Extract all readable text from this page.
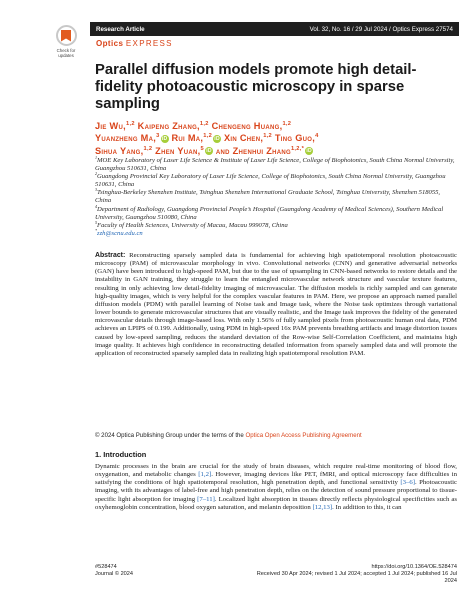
Check for
updates
Research Article	Vol. 32, No. 16 / 29 Jul 2024 / Optics Express 27574
Optics EXPRESS
Parallel diffusion models promote high detail-fidelity photoacoustic microscopy in sparse sampling
Jie Wu,$^{1,2}$ Kaipeng Zhang,$^{1,2}$ Chengeng Huang,$^{1,2}$
Yuanzheng Ma,$^3$ iD Rui Ma,$^{1,2}$ iD Xin Chen,$^{1,2}$ Ting Guo,$^4$
Sihua Yang,$^{1,2}$ Zhen Yuan,$^5$ iD and Zhenhui Zhang$^{1,2,*}$ iD
$^1$MOE Key Laboratory of Laser Life Science & Institute of Laser Life Science, College of Biophotonics, South China Normal University, Guangzhou 510631, China
$^2$Guangdong Provincial Key Laboratory of Laser Life Science, College of Biophotonics, South China Normal University, Guangzhou 510631, China
$^3$Tsinghua-Berkeley Shenzhen Institute, Tsinghua Shenzhen International Graduate School, Tsinghua University, Shenzhen 518055, China
$^4$Department of Radiology, Guangdong Provincial People’s Hospital (Guangdong Academy of Medical Sciences), Southern Medical University, Guangzhou 510080, China
$^5$Faculty of Health Sciences, University of Macau, Macau 999078, China
*zzh@scnu.edu.cn
Abstract: Reconstructing sparsely sampled data is fundamental for achieving high spatiotemporal resolution photoacoustic microscopy (PAM) of microvascular morphology in vivo. Convolutional networks (CNN) and generative adversarial networks (GAN) have been introduced to high-speed PAM, but due to the use of upsampling in CNN-based networks to restore details and the instability in GAN training, they struggle to learn the entangled microvascular network structure and vascular texture features, resulting in only achieving low detail-fidelity imaging of microvascular. The diffusion models is richly sampled and can generate high-quality images, which is very helpful for the complex vascular features in PAM. Here, we propose an approach named parallel diffusion models (PDM) with parallel learning of Noise task and Image task, where the Noise task optimizes through variational lower bounds to generate microvascular structures that are visually realistic, and the Image task improves the fidelity of the generated microvascular details through image-based loss. With only 1.56% of fully sampled pixels from photoacoustic human oral data, PDM achieves an LPIPS of 0.199. Additionally, using PDM in high-speed 16x PAM prevents breathing artifacts and image distortion issues caused by low-speed sampling, reduces the standard deviation of the Row-wise Self-Correlation Coefficient, and maintains high image quality. It achieves high confidence in reconstructing detailed information from sparsely sampled data and will promote the application of reconstructed sparsely sampled data in realizing high spatiotemporal resolution PAM.
© 2024 Optica Publishing Group under the terms of the Optica Open Access Publishing Agreement
1. Introduction
Dynamic processes in the brain are crucial for the study of brain diseases, which require real-time monitoring of blood flow, oxygenation, and metabolic changes [1,2]. However, imaging devices like PET, fMRI, and optical microscopy face difficulties in satisfying the conditions of high spatiotemporal resolution, high penetration depth, and functional sensitivity [3–6]. Photoacoustic imaging, with its advantages of label-free and high penetration depth, relies on the detection of sound pressure proportional to tissue-specific light absorption for imaging [7–11]. Localized light absorption in tissues directly reflects physiological specificities such as oxyhemoglobin concentration, blood oxygen saturation, and melanin deposition [12,13]. In addition to this, it can
#528474
Journal © 2024
https://doi.org/10.1364/OE.528474
Received 30 Apr 2024; revised 1 Jul 2024; accepted 1 Jul 2024; published 16 Jul 2024
